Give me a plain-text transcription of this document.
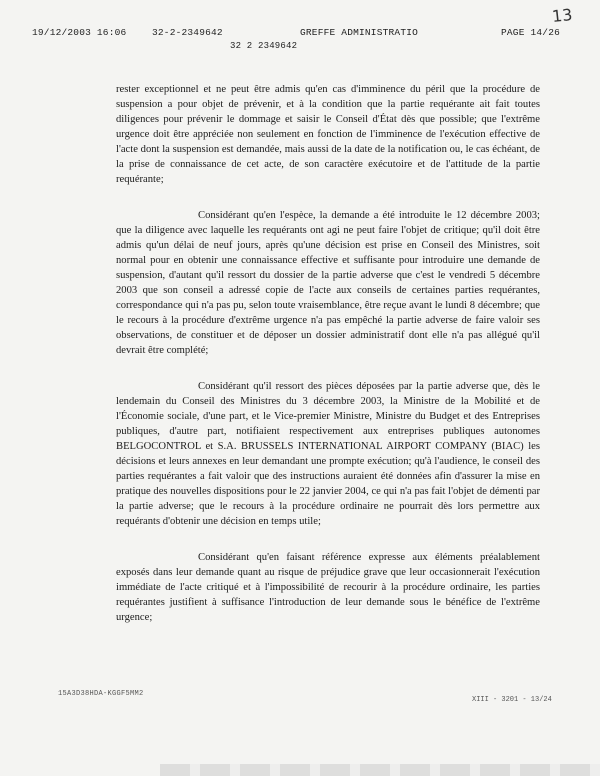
19/12/2003 16:06	32-2-2349642	GREFFE ADMINISTRATIO	PAGE 14/26
32 2 2349642
13

rester exceptionnel et ne peut être admis qu'en cas d'imminence du péril que la procédure de suspension a pour objet de prévenir, et à la condition que la partie requérante ait fait toutes diligences pour prévenir le dommage et saisir le Conseil d'État dès que possible; que l'extrême urgence doit être appréciée non seulement en fonction de l'imminence de l'exécution effective de l'acte dont la suspension est demandée, mais aussi de la date de la notification ou, le cas échéant, de la prise de connaissance de cet acte, de son caractère exécutoire et de l'attitude de la partie requérante;

Considérant qu'en l'espèce, la demande a été introduite le 12 décembre 2003; que la diligence avec laquelle les requérants ont agi ne peut faire l'objet de critique; qu'il doit être admis qu'un délai de neuf jours, après qu'une décision est prise en Conseil des Ministres, soit normal pour en obtenir une connaissance effective et suffisante pour introduire une demande de suspension, d'autant qu'il ressort du dossier de la partie adverse que c'est le vendredi 5 décembre 2003 que son conseil a adressé copie de l'acte aux conseils de certaines parties requérantes, correspondance qui n'a pas pu, selon toute vraisemblance, être reçue avant le lundi 8 décembre; que le recours à la procédure d'extrême urgence n'a pas empêché la partie adverse de faire valoir ses observations, de constituer et de déposer un dossier administratif dont elle n'a pas allégué qu'il devrait être complété;

Considérant qu'il ressort des pièces déposées par la partie adverse que, dès le lendemain du Conseil des Ministres du 3 décembre 2003, la Ministre de la Mobilité et de l'Économie sociale, d'une part, et le Vice-premier Ministre, Ministre du Budget et des Entreprises publiques, d'autre part, notifiaient respectivement aux entreprises publiques autonomes BELGOCONTROL et S.A. BRUSSELS INTERNATIONAL AIRPORT COMPANY (BIAC) les décisions et leurs annexes en leur demandant une prompte exécution; qu'à l'audience, le conseil des parties requérantes a fait valoir que des instructions auraient été données afin d'assurer la mise en pratique des nouvelles dispositions pour le 22 janvier 2004, ce qui n'a pas fait l'objet de démenti par la partie adverse; que le recours à la procédure ordinaire ne pourrait dès lors permettre aux requérants d'obtenir une décision en temps utile;

Considérant qu'en faisant référence expresse aux éléments préalablement exposés dans leur demande quant au risque de préjudice grave que leur occasionnerait l'exécution immédiate de l'acte critiqué et à l'impossibilité de recourir à la procédure ordinaire, les parties requérantes justifient à suffisance l'introduction de leur demande sous le bénéfice de l'extrême urgence;

15A3D38HDA-KGGF5MM2
XIII - 3201 - 13/24
